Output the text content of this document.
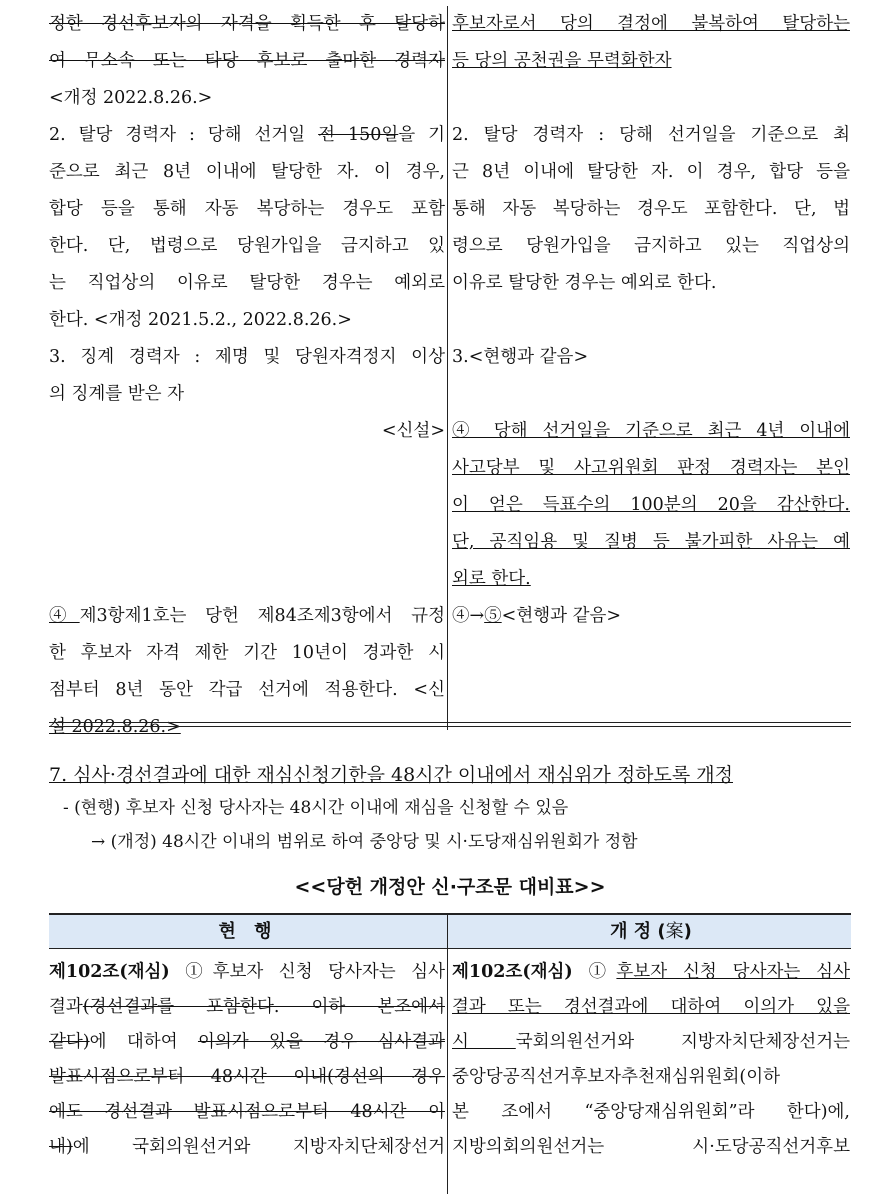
정한 경선후보자의 자격을 획득한 후 탈당하
여 무소속 또는 타당 후보로 출마한 경력자
<개정 2022.8.26.>
2. 탈당 경력자 : 당해 선거일 전 150일을 기
준으로 최근 8년 이내에 탈당한 자. 이 경우,
합당 등을 통해 자동 복당하는 경우도 포함
한다. 단, 법령으로 당원가입을 금지하고 있
는 직업상의 이유로 탈당한 경우는 예외로
한다. <개정 2021.5.2., 2022.8.26.>
3. 징계 경력자 : 제명 및 당원자격정지 이상
의 징계를 받은 자
<신설>
④제3항제1호는 당헌 제84조제3항에서 규정
한 후보자 자격 제한 기간 10년이 경과한 시
점부터 8년 동안 각급 선거에 적용한다. <신
설 2022.8.26.>
후보자로서 당의 결정에 불복하여 탈당하는
등 당의 공천권을 무력화한자
2. 탈당 경력자 : 당해 선거일을 기준으로 최
근 8년 이내에 탈당한 자. 이 경우, 합당 등을
통해 자동 복당하는 경우도 포함한다. 단, 법
령으로 당원가입을 금지하고 있는 직업상의
이유로 탈당한 경우는 예외로 한다.
3.<현행과 같음>
④ 당해 선거일을 기준으로 최근 4년 이내에
사고당부 및 사고위원회 판정 경력자는 본인
이 얻은 득표수의 100분의 20을 감산한다.
단, 공직임용 및 질병 등 불가피한 사유는 예
외로 한다.
④→⑤<현행과 같음>
7. 심사·경선결과에 대한 재심신청기한을 48시간 이내에서 재심위가 정하도록 개정
- (현행) 후보자 신청 당사자는 48시간 이내에 재심을 신청할 수 있음
→ (개정) 48시간 이내의 범위로 하여 중앙당 및 시·도당재심위원회가 정함
<<당헌 개정안 신·구조문 대비표>>
현 행	개 정 (案)
제102조(재심) ①후보자 신청 당사자는 심사
결과(경선결과를 포함한다. 이하 본조에서
같다)에 대하여 이의가 있을 경우 심사결과
발표시점으로부터 48시간 이내(경선의 경우
에도 경선결과 발표시점으로부터 48시간 이
내)에 국회의원선거와 지방자치단체장선거
제102조(재심) ①후보자 신청 당사자는 심사
결과 또는 경선결과에 대하여 이의가 있을
시 국회의원선거와 지방자치단체장선거는
중앙당공직선거후보자추천재심위원회(이하
본 조에서 “중앙당재심위원회”라 한다)에,
지방의회의원선거는 시·도당공직선거후보
